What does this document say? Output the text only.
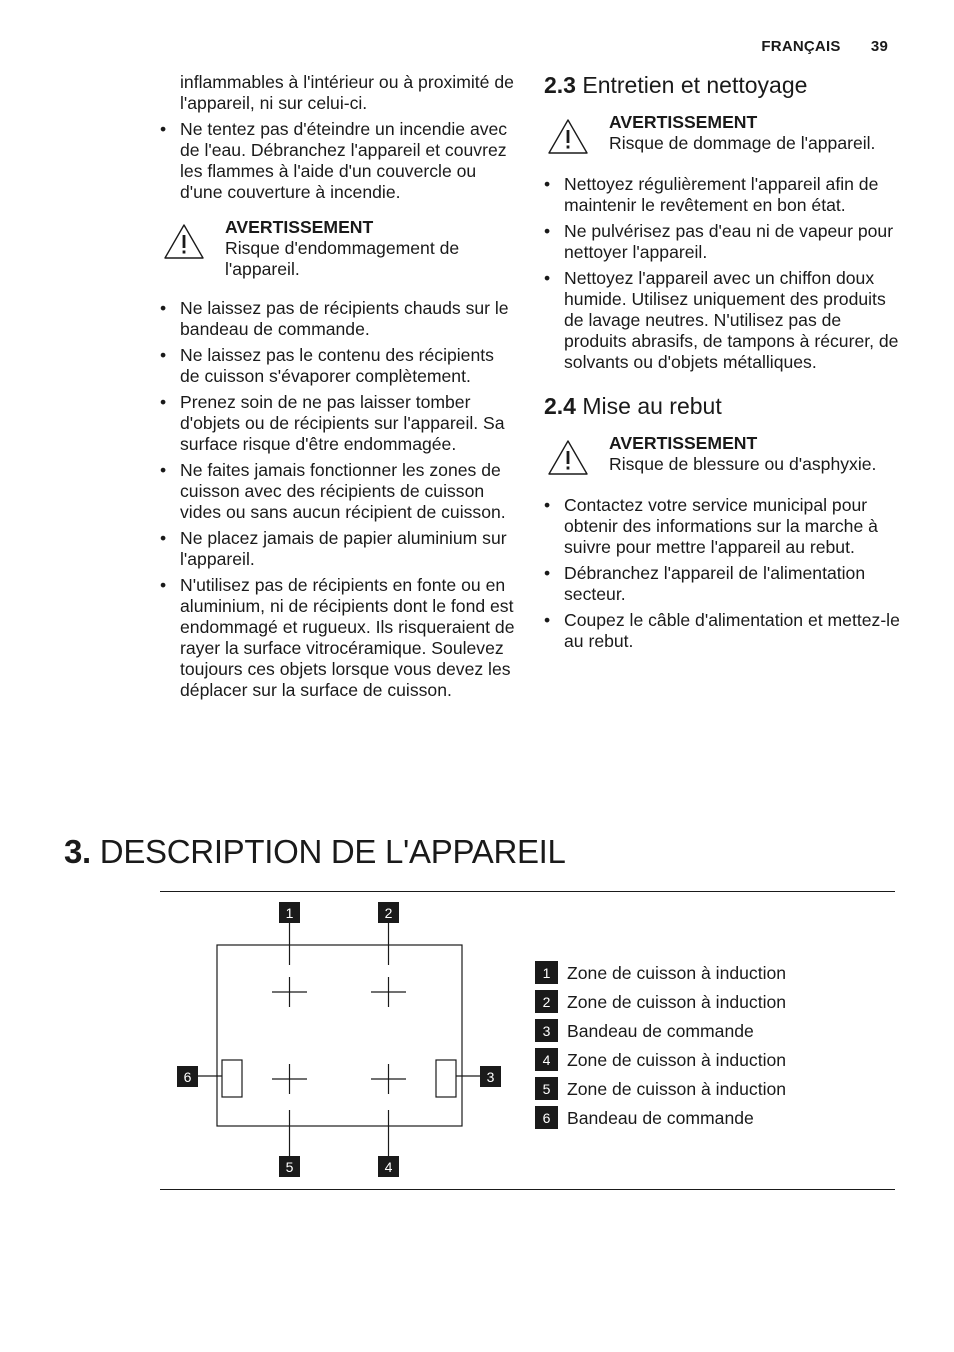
FRANÇAIS 39

inflammables à l'intérieur ou à proximité de l'appareil, ni sur celui-ci.

• Ne tentez pas d'éteindre un incendie avec de l'eau. Débranchez l'appareil et couvrez les flammes à l'aide d'un couvercle ou d'une couverture à incendie.
AVERTISSEMENT
Risque d'endommagement de l'appareil.
• Ne laissez pas de récipients chauds sur le bandeau de commande.
• Ne laissez pas le contenu des récipients de cuisson s'évaporer complètement.
• Prenez soin de ne pas laisser tomber d'objets ou de récipients sur l'appareil. Sa surface risque d'être endommagée.
• Ne faites jamais fonctionner les zones de cuisson avec des récipients de cuisson vides ou sans aucun récipient de cuisson.
• Ne placez jamais de papier aluminium sur l'appareil.
• N'utilisez pas de récipients en fonte ou en aluminium, ni de récipients dont le fond est endommagé et rugueux. Ils risqueraient de rayer la surface vitrocéramique. Soulevez toujours ces objets lorsque vous devez les déplacer sur la surface de cuisson.
2.3 Entretien et nettoyage
AVERTISSEMENT
Risque de dommage de l'appareil.
• Nettoyez régulièrement l'appareil afin de maintenir le revêtement en bon état.
• Ne pulvérisez pas d'eau ni de vapeur pour nettoyer l'appareil.
• Nettoyez l'appareil avec un chiffon doux humide. Utilisez uniquement des produits de lavage neutres. N'utilisez pas de produits abrasifs, de tampons à récurer, de solvants ou d'objets métalliques.
2.4 Mise au rebut
AVERTISSEMENT
Risque de blessure ou d'asphyxie.
• Contactez votre service municipal pour obtenir des informations sur la marche à suivre pour mettre l'appareil au rebut.
• Débranchez l'appareil de l'alimentation secteur.
• Coupez le câble d'alimentation et mettez-le au rebut.
3. DESCRIPTION DE L'APPAREIL
1	2
3
4
5
6
1 Zone de cuisson à induction
2 Zone de cuisson à induction
3 Bandeau de commande
4 Zone de cuisson à induction
5 Zone de cuisson à induction
6 Bandeau de commande
